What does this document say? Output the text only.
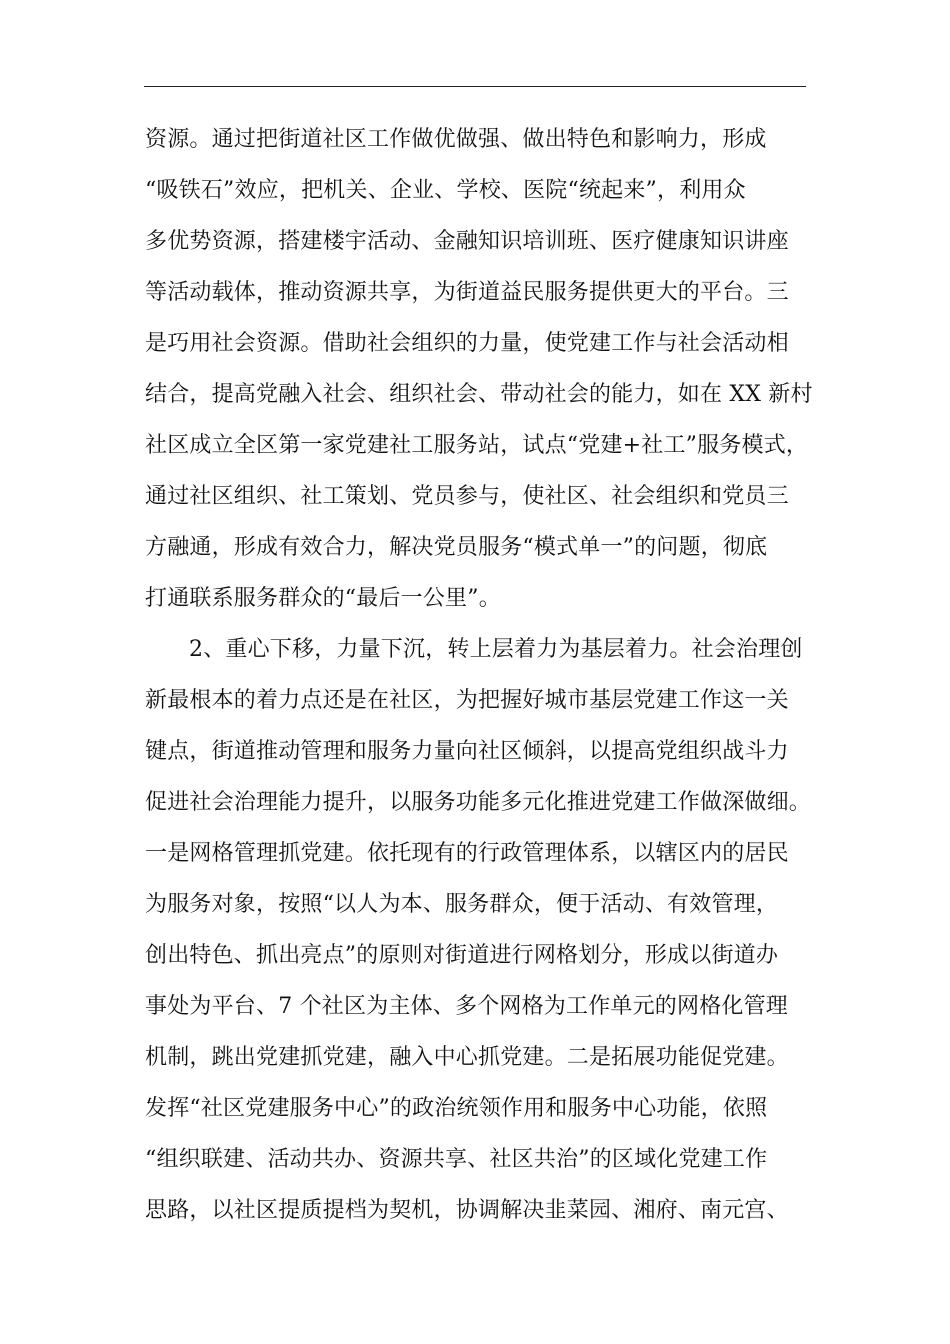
资源。通过把街道社区工作做优做强、做出特色和影响力，形成
“吸铁石”效应，把机关、企业、学校、医院“统起来”，利用众
多优势资源，搭建楼宇活动、金融知识培训班、医疗健康知识讲座
等活动载体，推动资源共享，为街道益民服务提供更大的平台。三
是巧用社会资源。借助社会组织的力量，使党建工作与社会活动相
结合，提高党融入社会、组织社会、带动社会的能力，如在 XX 新村
社区成立全区第一家党建社工服务站，试点“党建+社工”服务模式，
通过社区组织、社工策划、党员参与，使社区、社会组织和党员三
方融通，形成有效合力，解决党员服务“模式单一”的问题，彻底
打通联系服务群众的“最后一公里”。
2、重心下移，力量下沉，转上层着力为基层着力。社会治理创
新最根本的着力点还是在社区，为把握好城市基层党建工作这一关
键点，街道推动管理和服务力量向社区倾斜，以提高党组织战斗力
促进社会治理能力提升，以服务功能多元化推进党建工作做深做细。
一是网格管理抓党建。依托现有的行政管理体系，以辖区内的居民
为服务对象，按照“以人为本、服务群众，便于活动、有效管理，
创出特色、抓出亮点”的原则对街道进行网格划分，形成以街道办
事处为平台、7 个社区为主体、多个网格为工作单元的网格化管理
机制，跳出党建抓党建，融入中心抓党建。二是拓展功能促党建。
发挥“社区党建服务中心”的政治统领作用和服务中心功能，依照
“组织联建、活动共办、资源共享、社区共治”的区域化党建工作
思路，以社区提质提档为契机，协调解决韭菜园、湘府、南元宫、
